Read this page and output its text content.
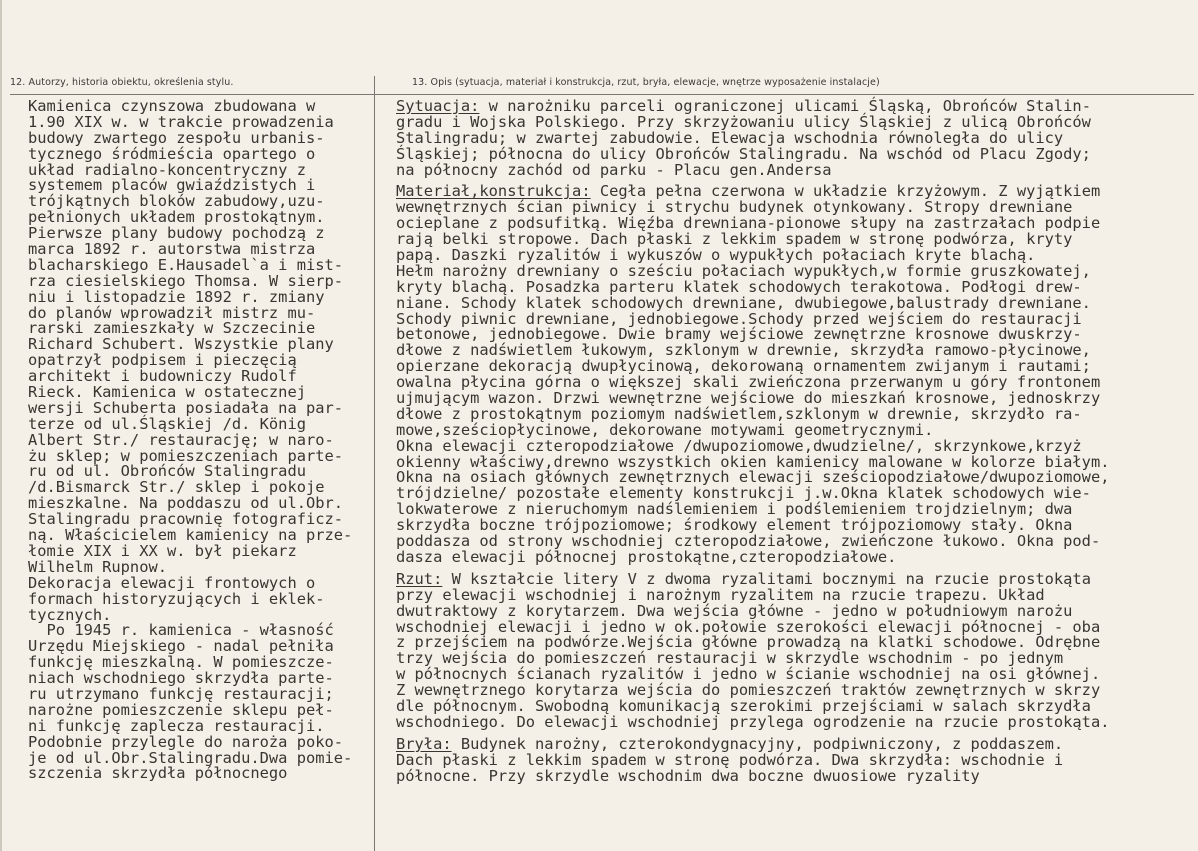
12. Autorzy, historia obiektu, określenia stylu.	13. Opis (sytuacja, materiał i konstrukcja, rzut, bryła, elewacje, wnętrze wyposażenie instalacje)
Kamienica czynszowa zbudowana w
1.90 XIX w. w trakcie prowadzenia
budowy zwartego zespołu urbanis-
tycznego śródmieścia opartego o
układ radialno-koncentryczny z
systemem placów gwiaździstych i
trójkątnych bloków zabudowy,uzu-
pełnionych układem prostokątnym.
Pierwsze plany budowy pochodzą z
marca 1892 r. autorstwa mistrza
blacharskiego E.Hausadel`a i mist-
rza ciesielskiego Thomsa. W sierp-
niu i listopadzie 1892 r. zmiany
do planów wprowadził mistrz mu-
rarski zamieszkały w Szczecinie
Richard Schubert. Wszystkie plany
opatrzył podpisem i pieczęcią
architekt i budowniczy Rudolf
Rieck. Kamienica w ostatecznej
wersji Schuberta posiadała na par-
terze od ul.Śląskiej /d. König
Albert Str./ restaurację; w naro-
żu sklep; w pomieszczeniach parte-
ru od ul. Obrońców Stalingradu
/d.Bismarck Str./ sklep i pokoje
mieszkalne. Na poddaszu od ul.Obr.
Stalingradu pracownię fotograficz-
ną. Właścicielem kamienicy na prze-
łomie XIX i XX w. był piekarz
Wilhelm Rupnow.
Dekoracja elewacji frontowych o
formach historyzujących i eklek-
tycznych.
Po 1945 r. kamienica - własność
Urzędu Miejskiego - nadal pełniła
funkcję mieszkalną. W pomieszcze-
niach wschodniego skrzydła parte-
ru utrzymano funkcję restauracji;
narożne pomieszczenie sklepu peł-
ni funkcję zaplecza restauracji.
Podobnie przylegle do naroża poko-
je od ul.Obr.Stalingradu.Dwa pomie-
szczenia skrzydła północnego
Sytuacja: w narożniku parceli ograniczonej ulicami Śląską, Obrońców Stalin-
gradu i Wojska Polskiego. Przy skrzyżowaniu ulicy Śląskiej z ulicą Obrońców
Stalingradu; w zwartej zabudowie. Elewacja wschodnia równoległa do ulicy
Śląskiej; północna do ulicy Obrońców Stalingradu. Na wschód od Placu Zgody;
na północny zachód od parku - Placu gen.Andersa
Materiał,konstrukcja: Cegła pełna czerwona w układzie krzyżowym. Z wyjątkiem
wewnętrznych ścian piwnicy i strychu budynek otynkowany. Stropy drewniane
ocieplane z podsufitką. Więźba drewniana-pionowe słupy na zastrzałach podpie
rają belki stropowe. Dach płaski z lekkim spadem w stronę podwórza, kryty
papą. Daszki ryzalitów i wykuszów o wypukłych połaciach kryte blachą.
Hełm narożny drewniany o sześciu połaciach wypukłych,w formie gruszkowatej,
kryty blachą. Posadzka parteru klatek schodowych terakotowa. Podłogi drew-
niane. Schody klatek schodowych drewniane, dwubiegowe,balustrady drewniane.
Schody piwnic drewniane, jednobiegowe.Schody przed wejściem do restauracji
betonowe, jednobiegowe. Dwie bramy wejściowe zewnętrzne krosnowe dwuskrzy-
dłowe z nadświetlem łukowym, szklonym w drewnie, skrzydła ramowo-płycinowe,
opierzane dekoracją dwupłycinową, dekorowaną ornamentem zwijanym i rautami;
owalna płycina górna o większej skali zwieńczona przerwanym u góry frontonem
ujmującym wazon. Drzwi wewnętrzne wejściowe do mieszkań krosnowe, jednoskrzy
dłowe z prostokątnym poziomym nadświetlem,szklonym w drewnie, skrzydło ra-
mowe,sześciopłycinowe, dekorowane motywami geometrycznymi.
Okna elewacji czteropodziałowe /dwupoziomowe,dwudzielne/, skrzynkowe,krzyż
okienny właściwy,drewno wszystkich okien kamienicy malowane w kolorze białym.
Okna na osiach głównych zewnętrznych elewacji sześciopodziałowe/dwupoziomowe,
trójdzielne/ pozostałe elementy konstrukcji j.w.Okna klatek schodowych wie-
lokwaterowe z nieruchomym nadślemieniem i podślemieniem trojdzielnym; dwa
skrzydła boczne trójpoziomowe; środkowy element trójpoziomowy stały. Okna
poddasza od strony wschodniej czteropodziałowe, zwieńczone łukowo. Okna pod-
dasza elewacji północnej prostokątne,czteropodziałowe.
Rzut: W kształcie litery V z dwoma ryzalitami bocznymi na rzucie prostokąta
przy elewacji wschodniej i narożnym ryzalitem na rzucie trapezu. Układ
dwutraktowy z korytarzem. Dwa wejścia główne - jedno w południowym narożu
wschodniej elewacji i jedno w ok.połowie szerokości elewacji północnej - oba
z przejściem na podwórze.Wejścia główne prowadzą na klatki schodowe. Odrębne
trzy wejścia do pomieszczeń restauracji w skrzydle wschodnim - po jednym
w północnych ścianach ryzalitów i jedno w ścianie wschodniej na osi głównej.
Z wewnętrznego korytarza wejścia do pomieszczeń traktów zewnętrznych w skrzy
dle północnym. Swobodną komunikacją szerokimi przejściami w salach skrzydła
wschodniego. Do elewacji wschodniej przylega ogrodzenie na rzucie prostokąta.
Bryła: Budynek narożny, czterokondygnacyjny, podpiwniczony, z poddaszem.
Dach płaski z lekkim spadem w stronę podwórza. Dwa skrzydła: wschodnie i
północne. Przy skrzydle wschodnim dwa boczne dwuosiowe ryzality
